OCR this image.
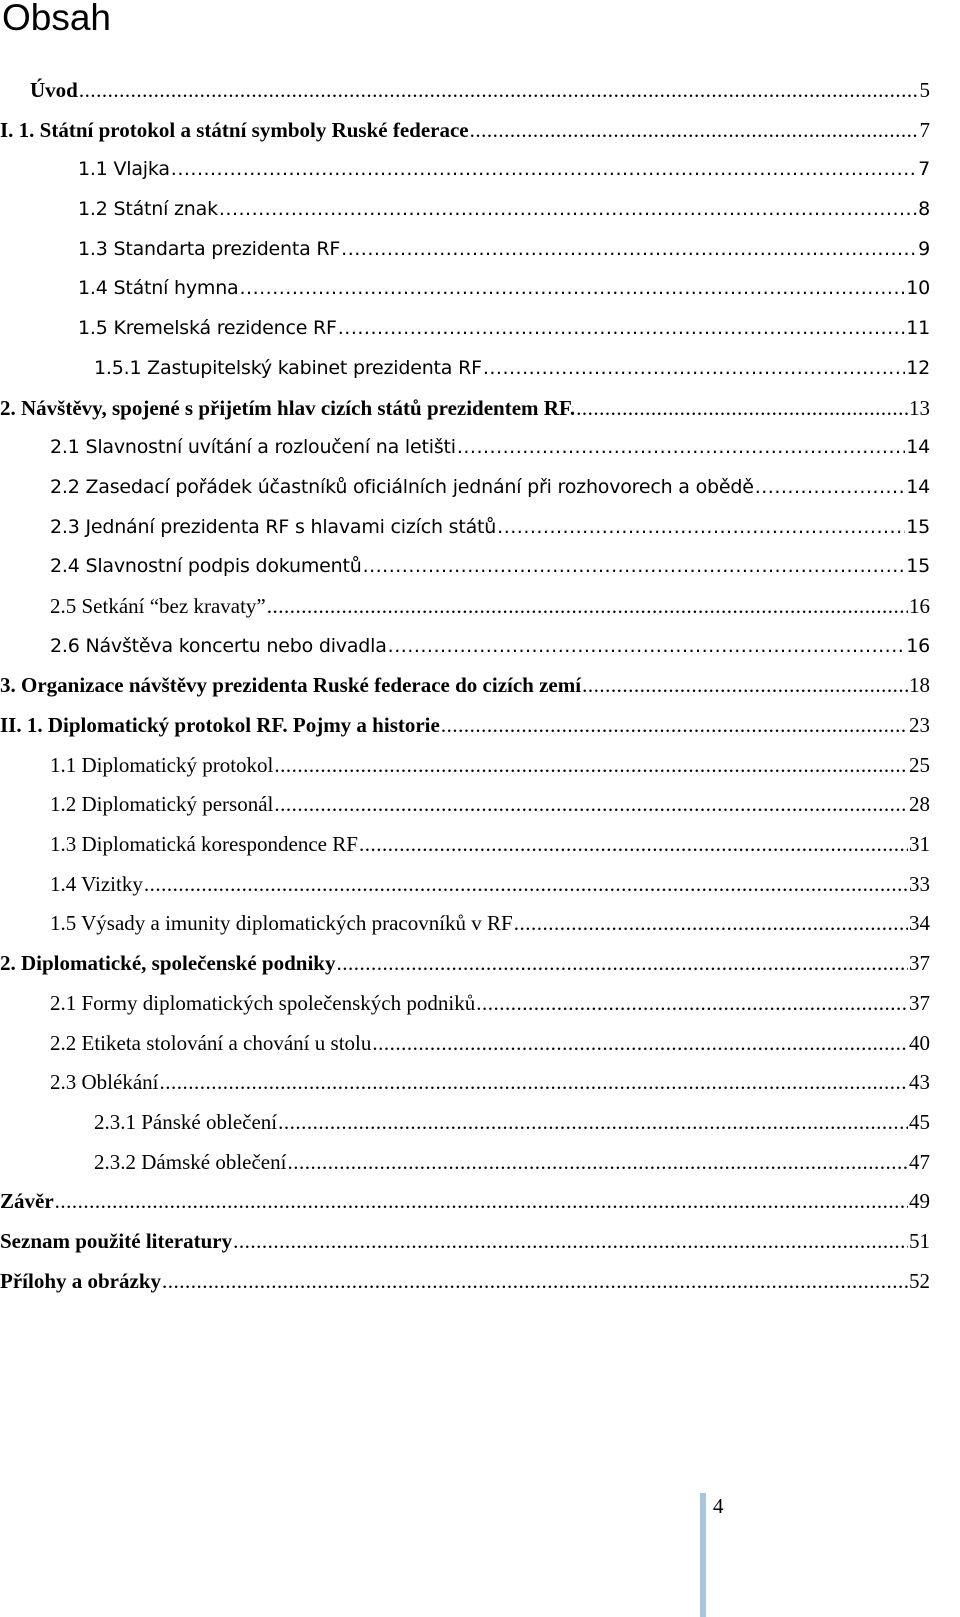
Obsah
Úvod .....	5
I. 1. Státní protokol a státní symboly Ruské federace .....	7
1.1 Vlajka .....	7
1.2 Státní znak .....	8
1.3 Standarta prezidenta RF .....	9
1.4 Státní hymna .....	10
1.5 Kremelská rezidence RF .....	11
1.5.1 Zastupitelský kabinet prezidenta RF .....	12
2. Návštěvy, spojené s přijetím hlav cizích států prezidentem RF. .....	13
2.1 Slavnostní uvítání a rozloučení na letišti .....	14
2.2 Zasedací pořádek účastníků oficiálních jednání při rozhovorech a obědě .....	14
2.3 Jednání prezidenta RF s hlavami cizích států .....	15
2.4 Slavnostní podpis dokumentů .....	15
2.5 Setkání “bez kravaty” .....	16
2.6 Návštěva koncertu nebo divadla .....	16
3. Organizace návštěvy prezidenta Ruské federace do cizích zemí .....	18
II. 1. Diplomatický protokol RF. Pojmy a historie .....	23
1.1 Diplomatický protokol .....	25
1.2 Diplomatický personál .....	28
1.3 Diplomatická korespondence RF .....	31
1.4 Vizitky .....	33
1.5 Výsady a imunity diplomatických pracovníků v RF .....	34
2. Diplomatické, společenské podniky .....	37
2.1 Formy diplomatických společenských podniků .....	37
2.2 Etiketa stolování a chování u stolu .....	40
2.3 Oblékání .....	43
2.3.1 Pánské oblečení .....	45
2.3.2 Dámské oblečení .....	47
Závěr .....	49
Seznam použité literatury .....	51
Přílohy a obrázky .....	52
4
